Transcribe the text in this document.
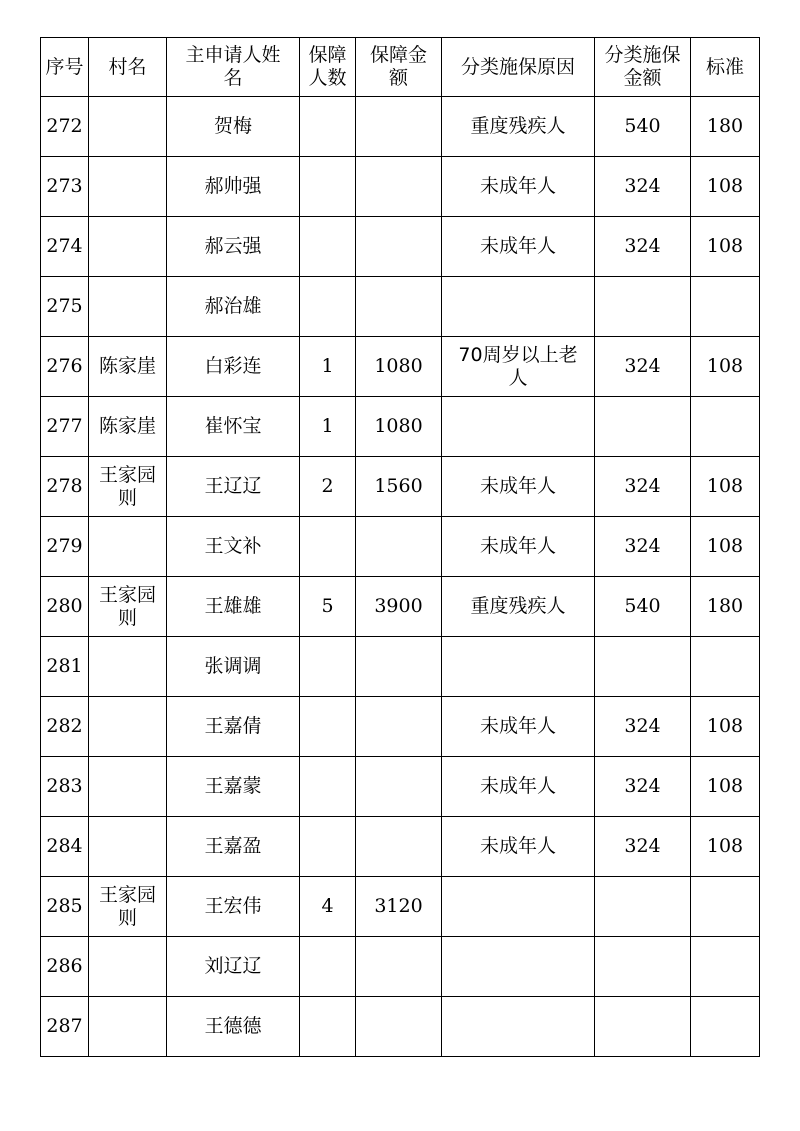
序号	村名	主申请人姓名	保障人数	保障金额	分类施保原因	分类施保金额	标准
272		贺梅			重度残疾人	540	180
273		郝帅强			未成年人	324	108
274		郝云强			未成年人	324	108
275		郝治雄					
276	陈家崖	白彩连	1	1080	70周岁以上老人	324	108
277	陈家崖	崔怀宝	1	1080			
278	王家园则	王辽辽	2	1560	未成年人	324	108
279		王文补			未成年人	324	108
280	王家园则	王雄雄	5	3900	重度残疾人	540	180
281		张调调					
282		王嘉倩			未成年人	324	108
283		王嘉蒙			未成年人	324	108
284		王嘉盈			未成年人	324	108
285	王家园则	王宏伟	4	3120			
286		刘辽辽					
287		王德德					
